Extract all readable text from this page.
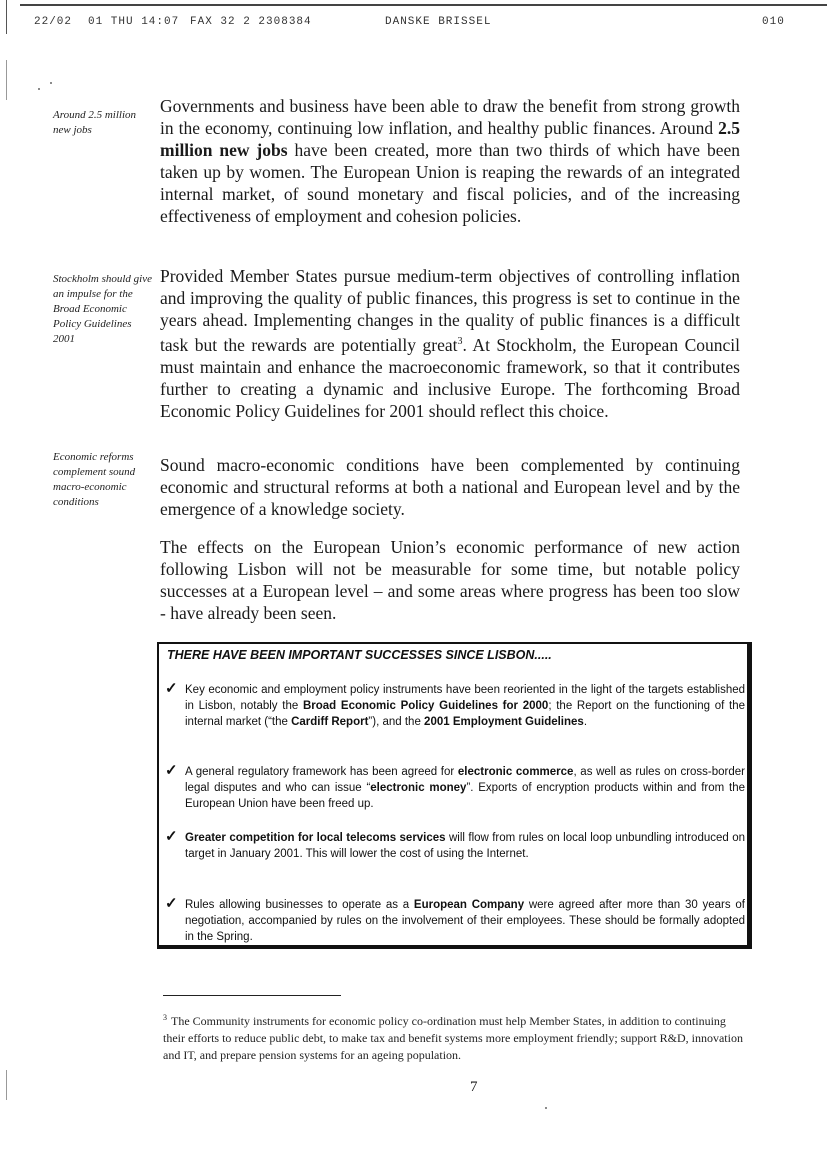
22/02 01 THU 14:07 FAX 32 2 2308384	DANSKE BRISSEL	010
Around 2.5 million new jobs
Stockholm should give an impulse for the Broad Economic Policy Guidelines 2001
Economic reforms complement sound macro-economic conditions
Governments and business have been able to draw the benefit from strong growth in the economy, continuing low inflation, and healthy public finances. Around 2.5 million new jobs have been created, more than two thirds of which have been taken up by women. The European Union is reaping the rewards of an integrated internal market, of sound monetary and fiscal policies, and of the increasing effectiveness of employment and cohesion policies.
Provided Member States pursue medium-term objectives of controlling inflation and improving the quality of public finances, this progress is set to continue in the years ahead. Implementing changes in the quality of public finances is a difficult task but the rewards are potentially great$^3$. At Stockholm, the European Council must maintain and enhance the macroeconomic framework, so that it contributes further to creating a dynamic and inclusive Europe. The forthcoming Broad Economic Policy Guidelines for 2001 should reflect this choice.
Sound macro-economic conditions have been complemented by continuing economic and structural reforms at both a national and European level and by the emergence of a knowledge society.
The effects on the European Union’s economic performance of new action following Lisbon will not be measurable for some time, but notable policy successes at a European level – and some areas where progress has been too slow - have already been seen.
THERE HAVE BEEN IMPORTANT SUCCESSES SINCE LISBON.....
✓ Key economic and employment policy instruments have been reoriented in the light of the targets established in Lisbon, notably the Broad Economic Policy Guidelines for 2000; the Report on the functioning of the internal market (“the Cardiff Report”), and the 2001 Employment Guidelines.
✓ A general regulatory framework has been agreed for electronic commerce, as well as rules on cross-border legal disputes and who can issue “electronic money”. Exports of encryption products within and from the European Union have been freed up.
✓ Greater competition for local telecoms services will flow from rules on local loop unbundling introduced on target in January 2001. This will lower the cost of using the Internet.
✓ Rules allowing businesses to operate as a European Company were agreed after more than 30 years of negotiation, accompanied by rules on the involvement of their employees. These should be formally adopted in the Spring.
$^3$ The Community instruments for economic policy co-ordination must help Member States, in addition to continuing their efforts to reduce public debt, to make tax and benefit systems more employment friendly; support R&D, innovation and IT, and prepare pension systems for an ageing population.
7
